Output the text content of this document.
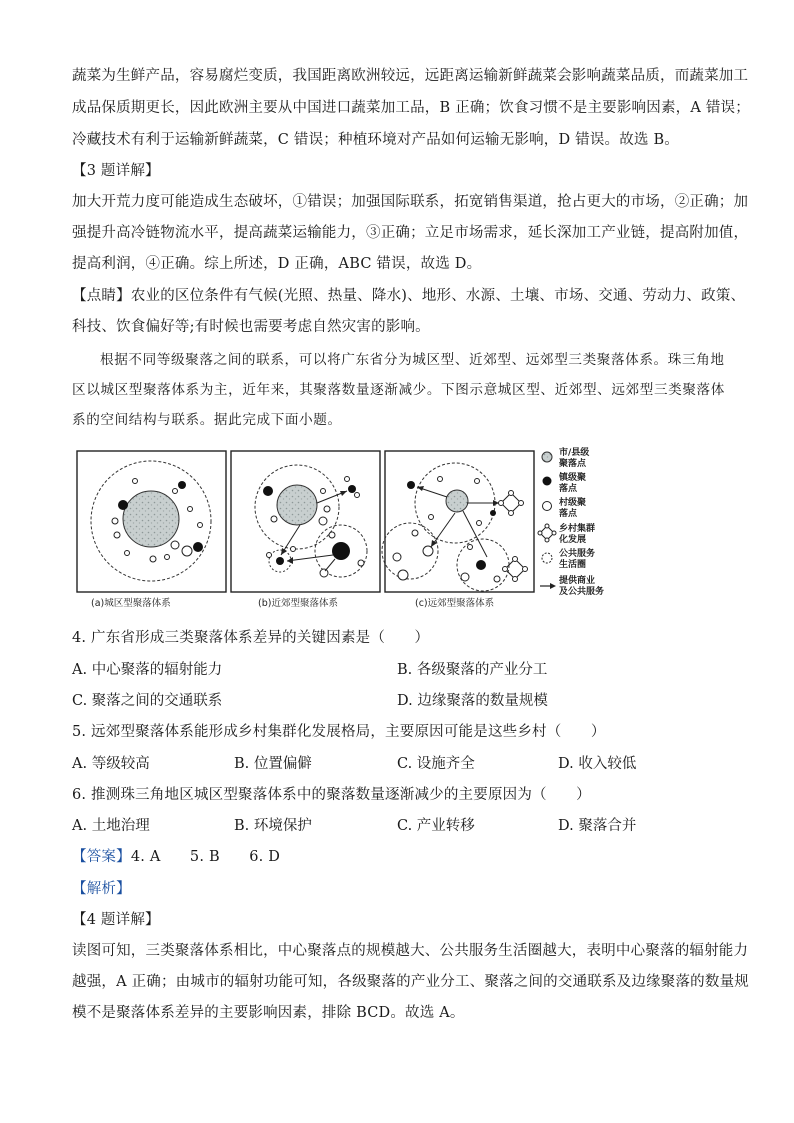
蔬菜为生鲜产品，容易腐烂变质，我国距离欧洲较远，远距离运输新鲜蔬菜会影响蔬菜品质，而蔬菜加工
成品保质期更长，因此欧洲主要从中国进口蔬菜加工品，B 正确；饮食习惯不是主要影响因素，A 错误；
冷藏技术有利于运输新鲜蔬菜，C 错误；种植环境对产品如何运输无影响，D 错误。故选 B。
【3 题详解】
加大开荒力度可能造成生态破坏，①错误；加强国际联系，拓宽销售渠道，抢占更大的市场，②正确；加
强提升高冷链物流水平，提高蔬菜运输能力，③正确；立足市场需求，延长深加工产业链，提高附加值，
提高利润，④正确。综上所述，D 正确，ABC 错误，故选 D。
【点睛】农业的区位条件有气候(光照、热量、降水)、地形、水源、土壤、市场、交通、劳动力、政策、
科技、饮食偏好等;有时候也需要考虑自然灾害的影响。
根据不同等级聚落之间的联系，可以将广东省分为城区型、近郊型、远郊型三类聚落体系。珠三角地
区以城区型聚落体系为主，近年来，其聚落数量逐渐减少。下图示意城区型、近郊型、远郊型三类聚落体
系的空间结构与联系。据此完成下面小题。
(a)城区型聚落体系	(b)近郊型聚落体系	(c)远郊型聚落体系
市/县级
聚落点
镇级聚
落点
村级聚
落点
乡村集群
化发展
公共服务
生活圈
提供商业
及公共服务
4. 广东省形成三类聚落体系差异的关键因素是（　　）
A. 中心聚落的辐射能力	B. 各级聚落的产业分工
C. 聚落之间的交通联系	D. 边缘聚落的数量规模
5. 远郊型聚落体系能形成乡村集群化发展格局，主要原因可能是这些乡村（　　）
A. 等级较高	B. 位置偏僻	C. 设施齐全	D. 收入较低
6. 推测珠三角地区城区型聚落体系中的聚落数量逐渐减少的主要原因为（　　）
A. 土地治理	B. 环境保护	C. 产业转移	D. 聚落合并
【答案】4. A　　5. B　　6. D
【解析】
【4 题详解】
读图可知，三类聚落体系相比，中心聚落点的规模越大、公共服务生活圈越大，表明中心聚落的辐射能力
越强，A 正确；由城市的辐射功能可知，各级聚落的产业分工、聚落之间的交通联系及边缘聚落的数量规
模不是聚落体系差异的主要影响因素，排除 BCD。故选 A。
